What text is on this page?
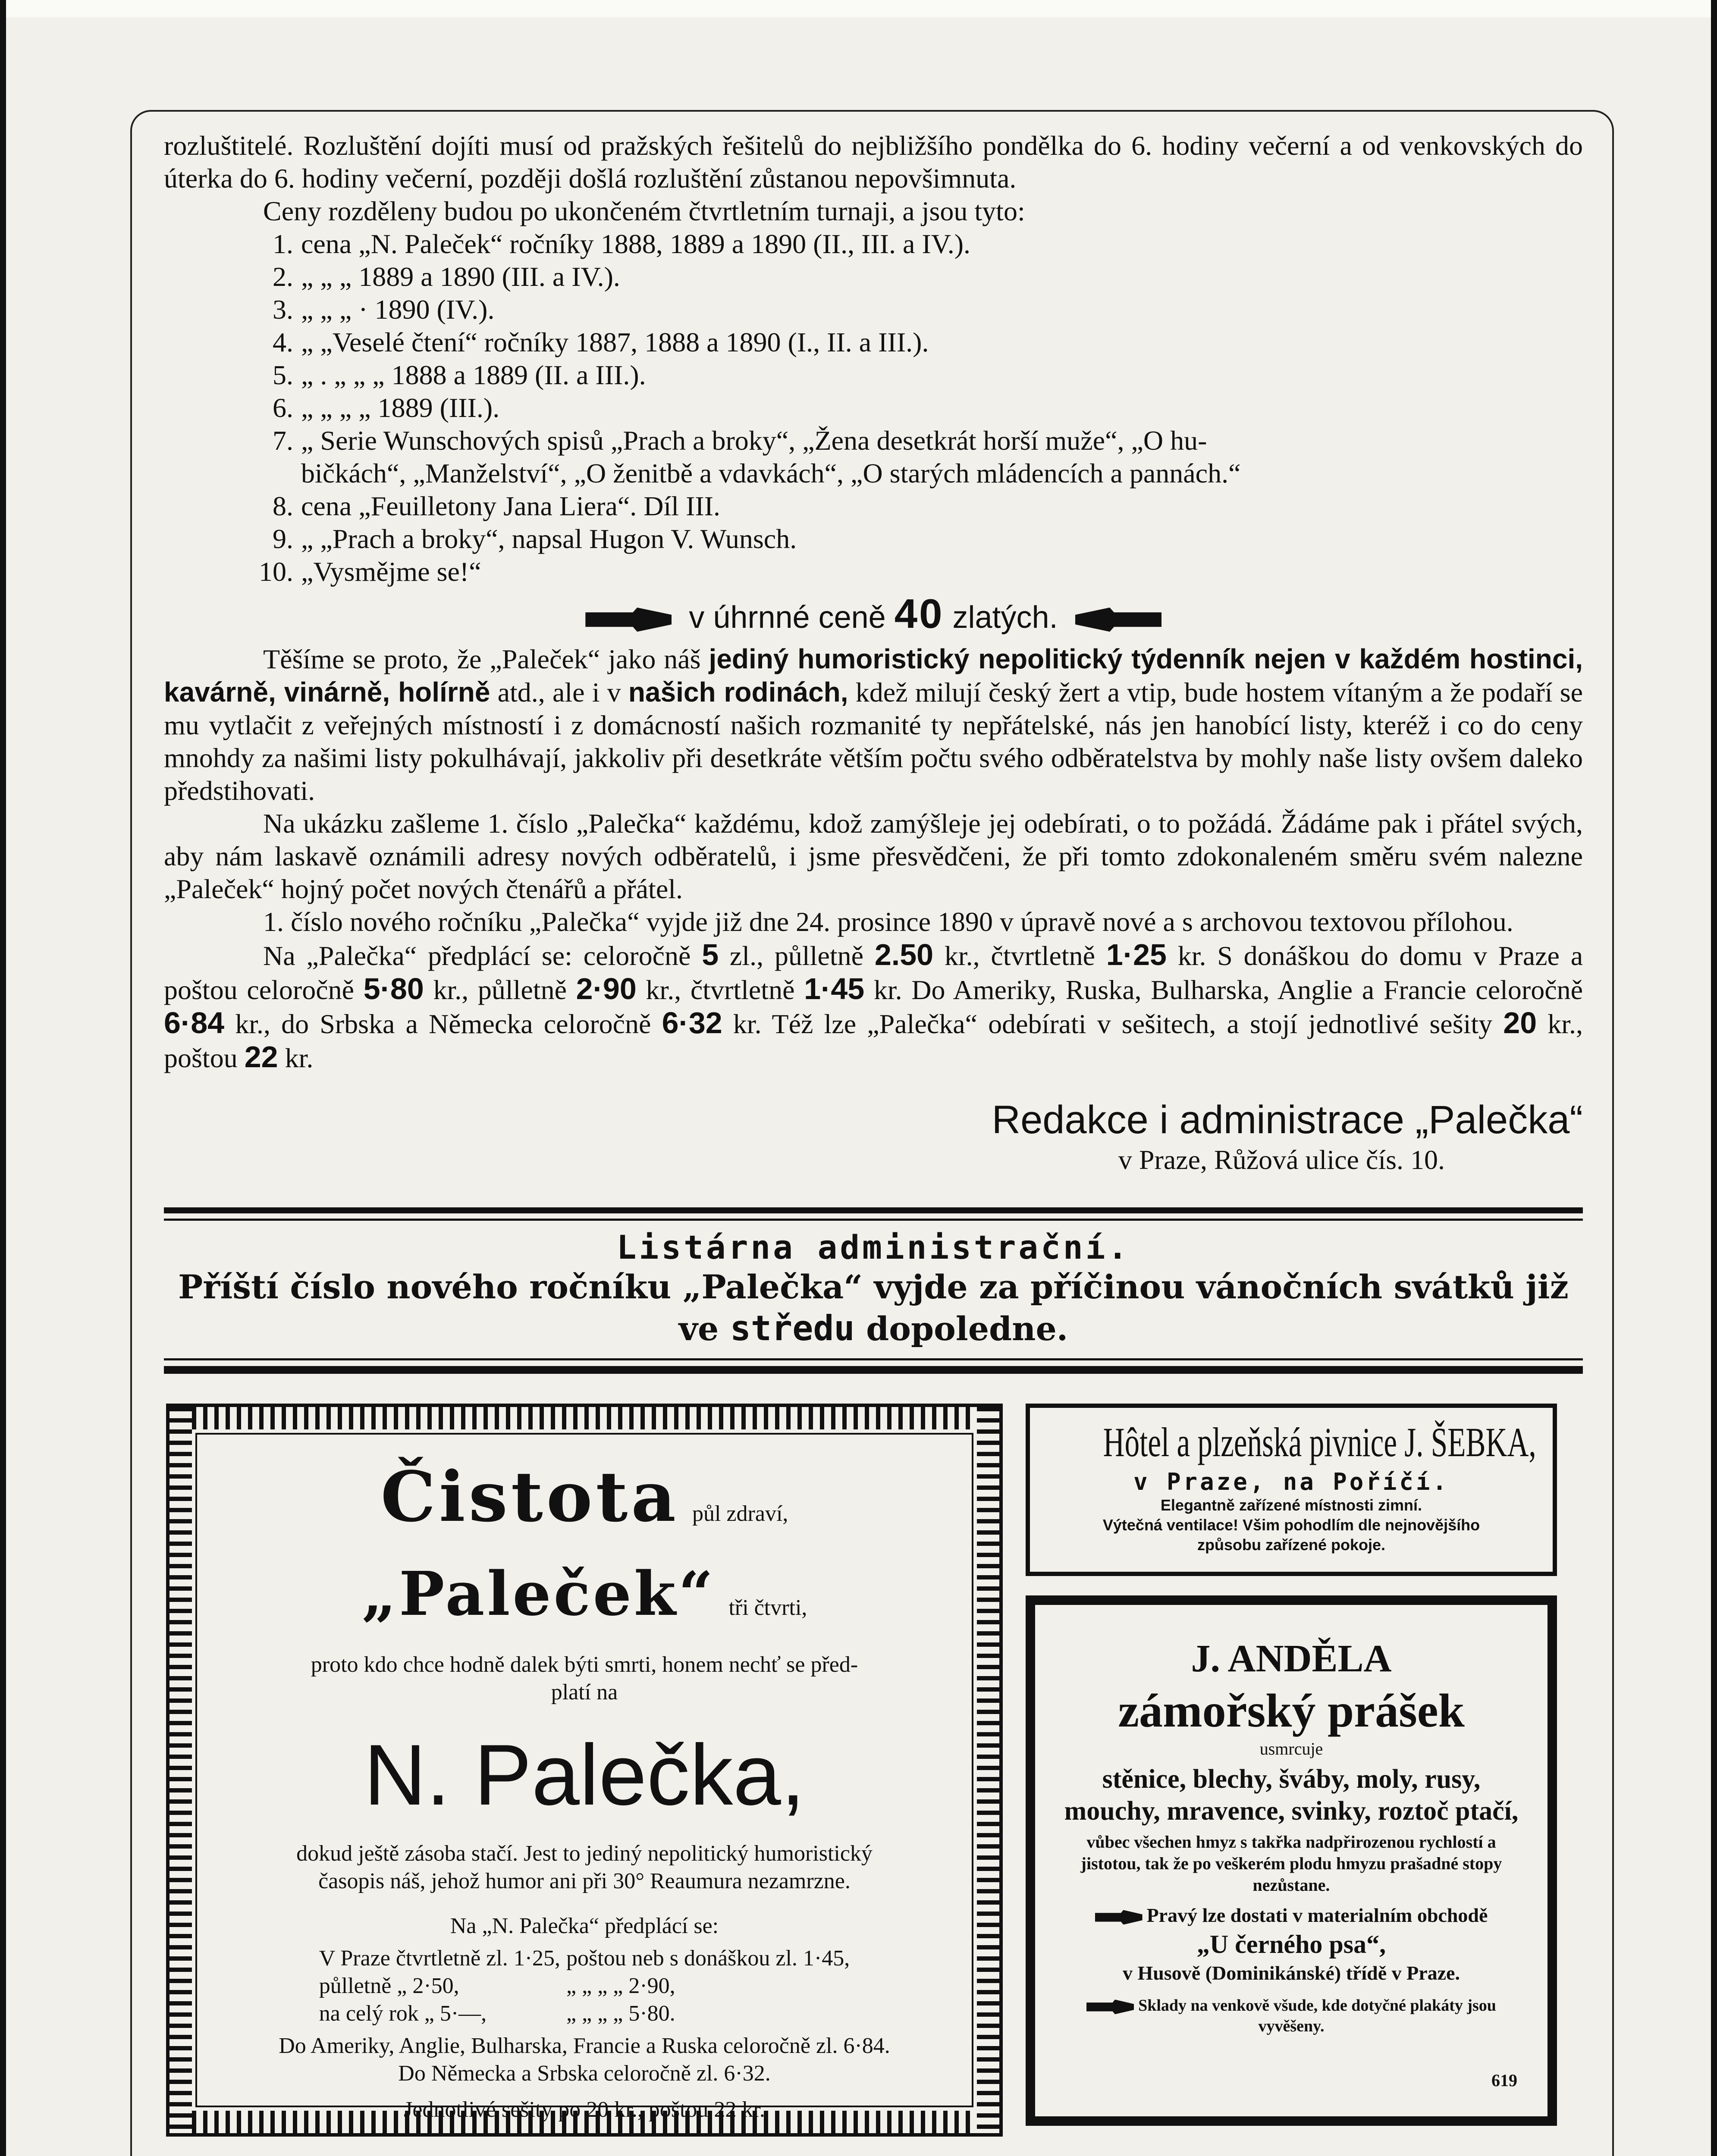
rozluštitelé. Rozluštění dojíti musí od pražských řešitelů do nejbližšího pondělka do 6. hodiny večerní a od venkovských do úterka do 6. hodiny večerní, později došlá rozluštění zůstanou nepovšimnuta.

Ceny rozděleny budou po ukončeném čtvrtletním turnaji, a jsou tyto:

1. cena „N. Paleček“ ročníky 1888, 1889 a 1890 (II., III. a IV.).
2. „ „ „ 1889 a 1890 (III. a IV.).
3. „ „ „ · 1890 (IV.).
4. „ „Veselé čtení“ ročníky 1887, 1888 a 1890 (I., II. a III.).
5. „ . „ „ „ 1888 a 1889 (II. a III.).
6. „ „ „ „ 1889 (III.).
7. „ Serie Wunschových spisů „Prach a broky“, „Žena desetkrát horší muže“, „O hu-
bičkách“, „Manželství“, „O ženitbě a vdavkách“, „O starých mládencích a pannách.“
8. cena „Feuilletony Jana Liera“. Díl III.
9. „ „Prach a broky“, napsal Hugon V. Wunsch.
10. „Vysmějme se!“
v úhrnné ceně 40 zlatých.

Těšíme se proto, že „Paleček“ jako náš jediný humoristický nepolitický týdenník nejen v každém hostinci, kavárně, vinárně, holírně atd., ale i v našich rodinách, kdež milují český žert a vtip, bude hostem vítaným a že podaří se mu vytlačit z veřejných místností i z domácností našich rozmanité ty nepřátelské, nás jen hanobící listy, kteréž i co do ceny mnohdy za našimi listy pokulhávají, jakkoliv při desetkráte větším počtu svého odběratelstva by mohly naše listy ovšem daleko předstihovati.

Na ukázku zašleme 1. číslo „Palečka“ každému, kdož zamýšleje jej odebírati, o to požádá. Žádáme pak i přátel svých, aby nám laskavě oznámili adresy nových odběratelů, i jsme přesvědčeni, že při tomto zdokonaleném směru svém nalezne „Paleček“ hojný počet nových čtenářů a přátel.

1. číslo nového ročníku „Palečka“ vyjde již dne 24. prosince 1890 v úpravě nové a s archovou textovou přílohou.

Na „Palečka“ předplácí se: celoročně 5 zl., půlletně 2.50 kr., čtvrtletně 1·25 kr. S donáškou do domu v Praze a poštou celoročně 5·80 kr., půlletně 2·90 kr., čtvrtletně 1·45 kr. Do Ameriky, Ruska, Bulharska, Anglie a Francie celoročně 6·84 kr., do Srbska a Německa celoročně 6·32 kr. Též lze „Palečka“ odebírati v sešitech, a stojí jednotlivé sešity 20 kr., poštou 22 kr.

Redakce i administrace „Palečka“
v Praze, Růžová ulice čís. 10.
Listárna administrační.
Příští číslo nového ročníku „Palečka“ vyjde za příčinou vánočních svátků již ve středu dopoledne.
Čistota půl zdraví,
„Paleček“ tři čtvrti,
proto kdo chce hodně dalek býti smrti, honem nechť se před-
platí na
N. Palečka,
dokud ještě zásoba stačí. Jest to jediný nepolitický humoristický
časopis náš, jehož humor ani při 30° Reaumura nezamrzne.
Na „N. Palečka“ předplácí se:
V Praze čtvrtletně zl. 1·25,	poštou neb s donáškou zl. 1·45,
půlletně „ 2·50,	„ „ „ „ 2·90,
na celý rok „ 5·—,	„ „ „ „ 5·80.
Do Ameriky, Anglie, Bulharska, Francie a Ruska celoročně zl. 6·84.
Do Německa a Srbska celoročně zl. 6·32.
Jednotlivé sešity po 20 kr., poštou 22 kr.
Hôtel a plzeňská pivnice J. ŠEBKA,
v Praze, na Poříčí.
Elegantně zařízené místnosti zimní.
Výtečná ventilace! Všim pohodlím dle nejnovějšího
způsobu zařízené pokoje.
J. ANDĚLA
zámořský prášek
usmrcuje
stěnice, blechy, šváby, moly, rusy, mouchy, mravence, svinky, roztoč ptačí,
vůbec všechen hmyz s takřka nadpřirozenou rychlostí a jistotou, tak že po veškerém plodu hmyzu prašadné stopy nezůstane.
Pravý lze dostati v materialním obchodě
„U černého psa“,
v Husově (Dominikánské) třídě v Praze.
Sklady na venkově všude, kde dotyčné plakáty jsou vyvěšeny.
619
